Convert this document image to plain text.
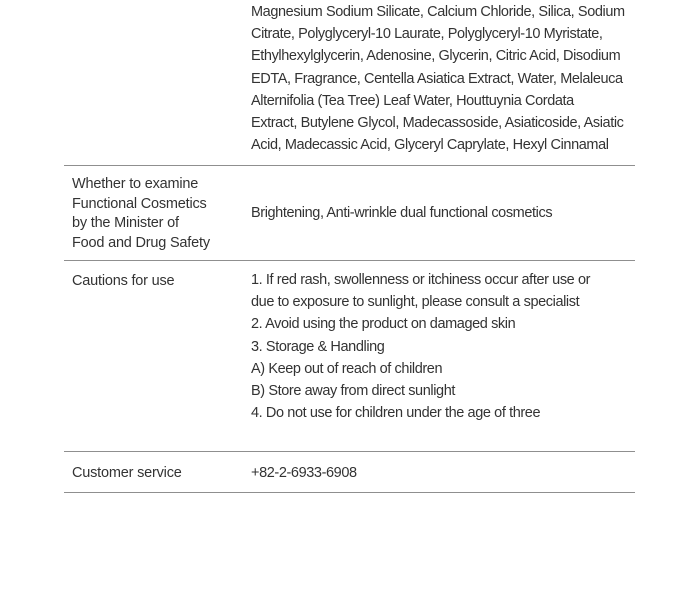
Magnesium Sodium Silicate, Calcium Chloride, Silica, Sodium
Citrate, Polyglyceryl-10 Laurate, Polyglyceryl-10 Myristate,
Ethylhexylglycerin, Adenosine, Glycerin, Citric Acid, Disodium
EDTA, Fragrance, Centella Asiatica Extract, Water, Melaleuca
Alternifolia (Tea Tree) Leaf Water, Houttuynia Cordata
Extract, Butylene Glycol, Madecassoside, Asiaticoside, Asiatic
Acid, Madecassic Acid, Glyceryl Caprylate, Hexyl Cinnamal
Whether to examine
Functional Cosmetics
by the Minister of
Food and Drug Safety
Brightening, Anti-wrinkle dual functional cosmetics
Cautions for use	1. If red rash, swollenness or itchiness occur after use or
due to exposure to sunlight, please consult a specialist
2. Avoid using the product on damaged skin
3. Storage & Handling
A) Keep out of reach of children
B) Store away from direct sunlight
4. Do not use for children under the age of three
Customer service	+82-2-6933-6908
